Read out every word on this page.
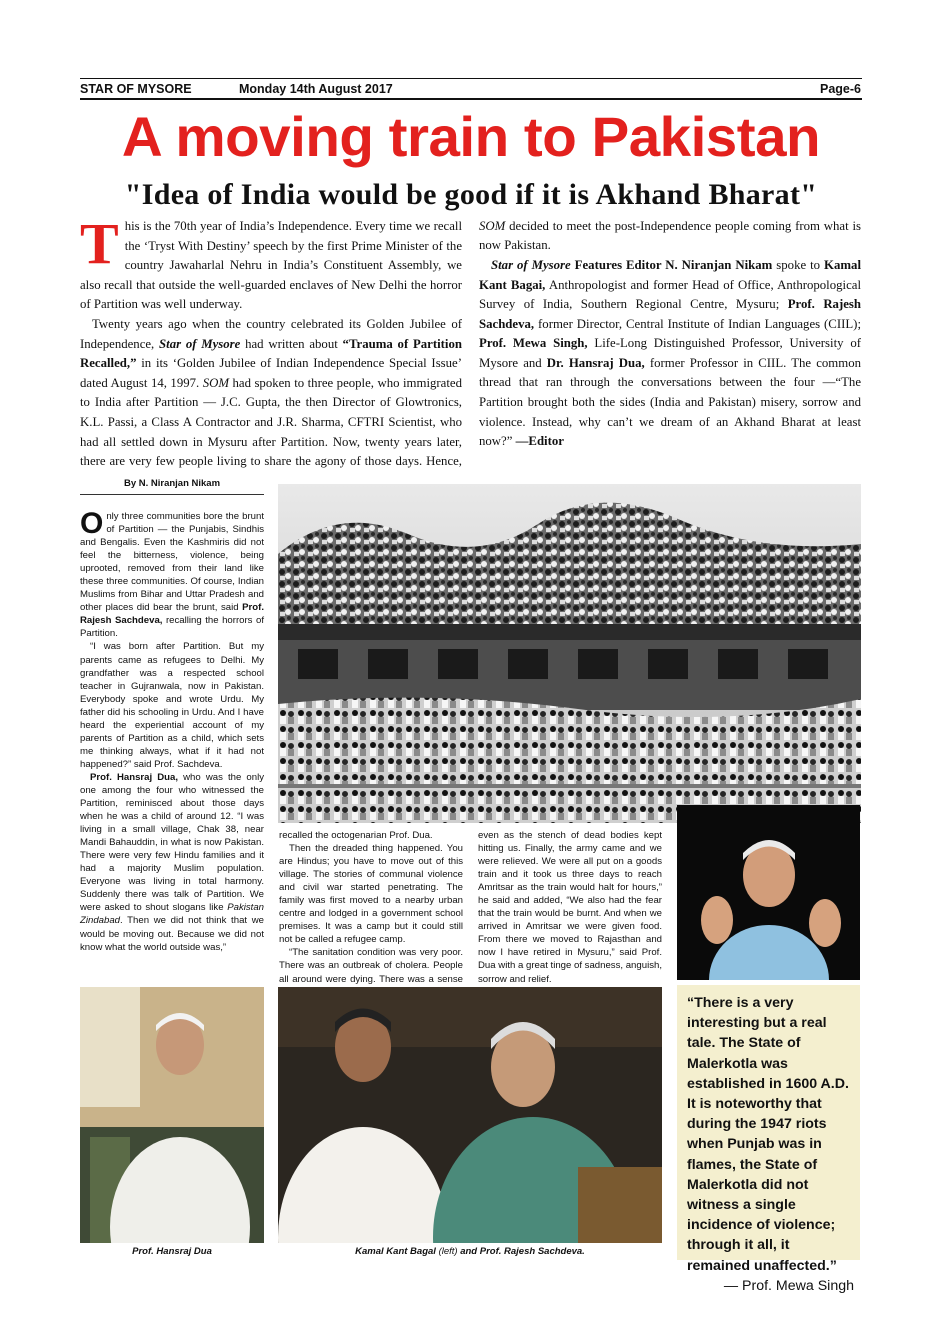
STAR OF MYSORE	Monday 14th August 2017	Page-6
A moving train to Pakistan
"Idea of India would be good if it is Akhand Bharat"

This is the 70th year of India’s Independence. Every time we recall the ‘Tryst With Destiny’ speech by the first Prime Minister of the country Jawaharlal Nehru in India’s Constituent Assembly, we also recall that outside the well-guarded enclaves of New Delhi the horror of Partition was well underway.

Twenty years ago when the country celebrated its Golden Jubilee of Independence, Star of Mysore had written about “Trauma of Partition Recalled,” in its ‘Golden Jubilee of Indian Independence Special Issue’ dated August 14, 1997. SOM had spoken to three people, who immigrated to India after Partition — J.C. Gupta, the then Director of Glowtronics, K.L. Passi, a Class A Contractor and J.R. Sharma, CFTRI Scientist, who had all settled down in Mysuru after Partition. Now, twenty years later, there are very few people living to share the agony of those days. Hence,

SOM decided to meet the post-Independence people coming from what is now Pakistan.

Star of Mysore Features Editor N. Niranjan Nikam spoke to Kamal Kant Bagai, Anthropologist and former Head of Office, Anthropological Survey of India, Southern Regional Centre, Mysuru; Prof. Rajesh Sachdeva, former Director, Central Institute of Indian Languages (CIIL); Prof. Mewa Singh, Life-Long Distinguished Professor, University of Mysore and Dr. Hansraj Dua, former Professor in CIIL. The common thread that ran through the conversations between the four —“The Partition brought both the sides (India and Pakistan) misery, sorrow and violence. Instead, why can’t we dream of an Akhand Bharat at least now?” —Editor

By N. Niranjan Nikam

Only three communities bore the brunt of Partition — the Punjabis, Sindhis and Bengalis. Even the Kashmiris did not feel the bitterness, violence, being uprooted, removed from their land like these three communities. Of course, Indian Muslims from Bihar and Uttar Pradesh and other places did bear the brunt, said Prof. Rajesh Sachdeva, recalling the horrors of Partition.

“I was born after Partition. But my parents came as refugees to Delhi. My grandfather was a respected school teacher in Gujranwala, now in Pakistan. Everybody spoke and wrote Urdu. My father did his schooling in Urdu. And I have heard the experiential account of my parents of Partition as a child, which sets me thinking always, what if it had not happened?” said Prof. Sachdeva.

Prof. Hansraj Dua, who was the only one among the four who witnessed the Partition, reminisced about those days when he was a child of around 12. “I was living in a small village, Chak 38, near Mandi Bahauddin, in what is now Pakistan. There were very few Hindu families and it had a majority Muslim population. Everyone was living in total harmony. Suddenly there was talk of Partition. We were asked to shout slogans like Pakistan Zindabad. Then we did not think that we would be moving out. Because we did not know what the world outside was,”

recalled the octogenarian Prof. Dua.

Then the dreaded thing happened. You are Hindus; you have to move out of this village. The stories of communal violence and civil war started penetrating. The family was first moved to a nearby urban centre and lodged in a government school premises. It was a camp but it could still not be called a refugee camp.

“The sanitation condition was very poor. There was an outbreak of cholera. People all around were dying. There was a sense

even as the stench of dead bodies kept hitting us. Finally, the army came and we were relieved. We were all put on a goods train and it took us three days to reach Amritsar as the train would halt for hours,” he said and added, “We also had the fear that the train would be burnt. And when we arrived in Amritsar we were given food. From there we moved to Rajasthan and now I have retired in Mysuru,” said Prof. Dua with a great tinge of sadness, anguish, sorrow and relief.

Prof. Hansraj Dua	Kamal Kant Bagal (left) and Prof. Rajesh Sachdeva.
“There is a very interesting but a real tale. The State of Malerkotla was established in 1600 A.D. It is noteworthy that during the 1947 riots when Punjab was in flames, the State of Malerkotla did not witness a single incidence of violence; through it all, it remained unaffected.”
— Prof. Mewa Singh
